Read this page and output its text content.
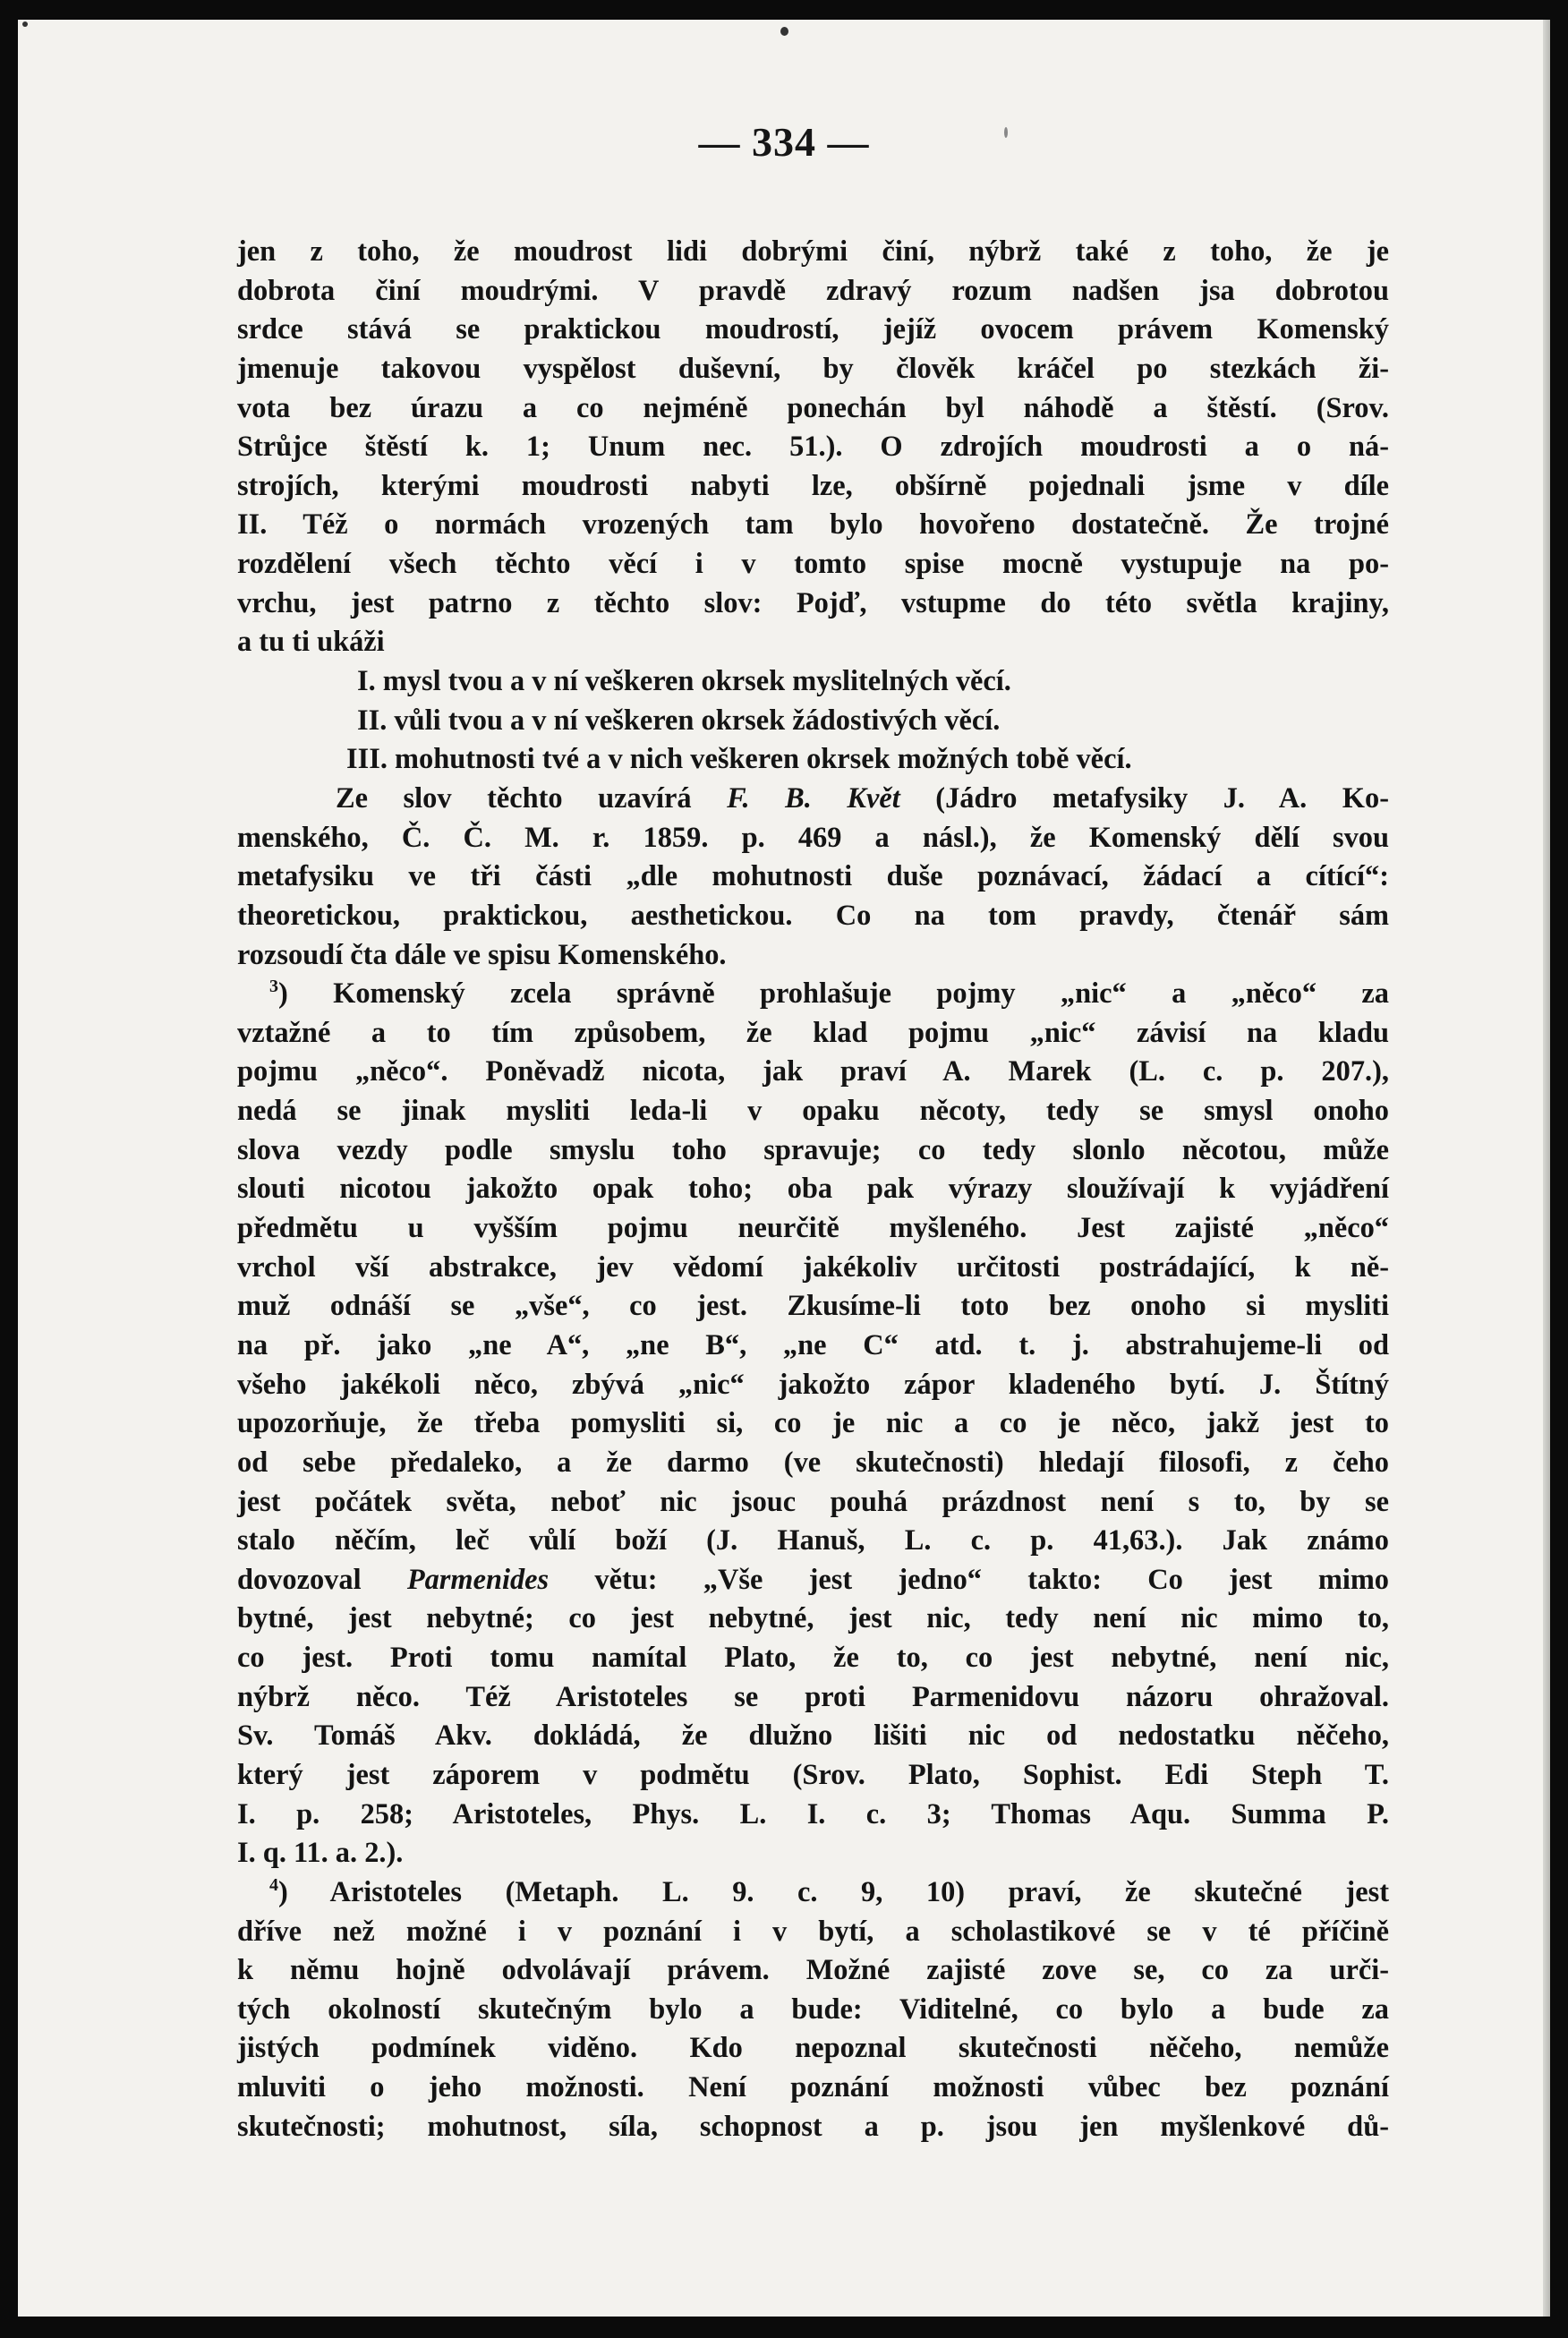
— 334 —
jen z toho, že moudrost lidi dobrými činí, nýbrž také z toho, že je
dobrota činí moudrými. V pravdě zdravý rozum nadšen jsa dobrotou
srdce stává se praktickou moudrostí, jejíž ovocem právem Komenský
jmenuje takovou vyspělost duševní, by člověk kráčel po stezkách ži-
vota bez úrazu a co nejméně ponechán byl náhodě a štěstí. (Srov.
Strůjce štěstí k. 1; Unum nec. 51.). O zdrojích moudrosti a o ná-
strojích, kterými moudrosti nabyti lze, obšírně pojednali jsme v díle
II. Též o normách vrozených tam bylo hovořeno dostatečně. Že trojné
rozdělení všech těchto věcí i v tomto spise mocně vystupuje na po-
vrchu, jest patrno z těchto slov: Pojď, vstupme do této světla krajiny,
a tu ti ukáži
I. mysl tvou a v ní veškeren okrsek myslitelných věcí.
II. vůli tvou a v ní veškeren okrsek žádostivých věcí.
III. mohutnosti tvé a v nich veškeren okrsek možných tobě věcí.
Ze slov těchto uzavírá F. B. Květ (Jádro metafysiky J. A. Ko-
menského, Č. Č. M. r. 1859. p. 469 a násl.), že Komenský dělí svou
metafysiku ve tři části „dle mohutnosti duše poznávací, žádací a cítící“:
theoretickou, praktickou, aesthetickou. Co na tom pravdy, čtenář sám
rozsoudí čta dále ve spisu Komenského.
$^3$) Komenský zcela správně prohlašuje pojmy „nic“ a „něco“ za
vztažné a to tím způsobem, že klad pojmu „nic“ závisí na kladu
pojmu „něco“. Poněvadž nicota, jak praví A. Marek (L. c. p. 207.),
nedá se jinak mysliti leda-li v opaku něcoty, tedy se smysl onoho
slova vezdy podle smyslu toho spravuje; co tedy slonlo něcotou, může
slouti nicotou jakožto opak toho; oba pak výrazy sloužívají k vyjádření
předmětu u vyšším pojmu neurčitě myšleného. Jest zajisté „něco“
vrchol vší abstrakce, jev vědomí jakékoliv určitosti postrádající, k ně-
muž odnáší se „vše“, co jest. Zkusíme-li toto bez onoho si mysliti
na př. jako „ne A“, „ne B“, „ne C“ atd. t. j. abstrahujeme-li od
všeho jakékoli něco, zbývá „nic“ jakožto zápor kladeného bytí. J. Štítný
upozorňuje, že třeba pomysliti si, co je nic a co je něco, jakž jest to
od sebe předaleko, a že darmo (ve skutečnosti) hledají filosofi, z čeho
jest počátek světa, neboť nic jsouc pouhá prázdnost není s to, by se
stalo něčím, leč vůlí boží (J. Hanuš, L. c. p. 41,63.). Jak známo
dovozoval Parmenides větu: „Vše jest jedno“ takto: Co jest mimo
bytné, jest nebytné; co jest nebytné, jest nic, tedy není nic mimo to,
co jest. Proti tomu namítal Plato, že to, co jest nebytné, není nic,
nýbrž něco. Též Aristoteles se proti Parmenidovu názoru ohražoval.
Sv. Tomáš Akv. dokládá, že dlužno lišiti nic od nedostatku něčeho,
který jest záporem v podmětu (Srov. Plato, Sophist. Edi Steph T.
I. p. 258; Aristoteles, Phys. L. I. c. 3; Thomas Aqu. Summa P.
I. q. 11. a. 2.).
$^4$) Aristoteles (Metaph. L. 9. c. 9, 10) praví, že skutečné jest
dříve než možné i v poznání i v bytí, a scholastikové se v té příčině
k němu hojně odvolávají právem. Možné zajisté zove se, co za urči-
tých okolností skutečným bylo a bude: Viditelné, co bylo a bude za
jistých podmínek viděno. Kdo nepoznal skutečnosti něčeho, nemůže
mluviti o jeho možnosti. Není poznání možnosti vůbec bez poznání
skutečnosti; mohutnost, síla, schopnost a p. jsou jen myšlenkové dů-
